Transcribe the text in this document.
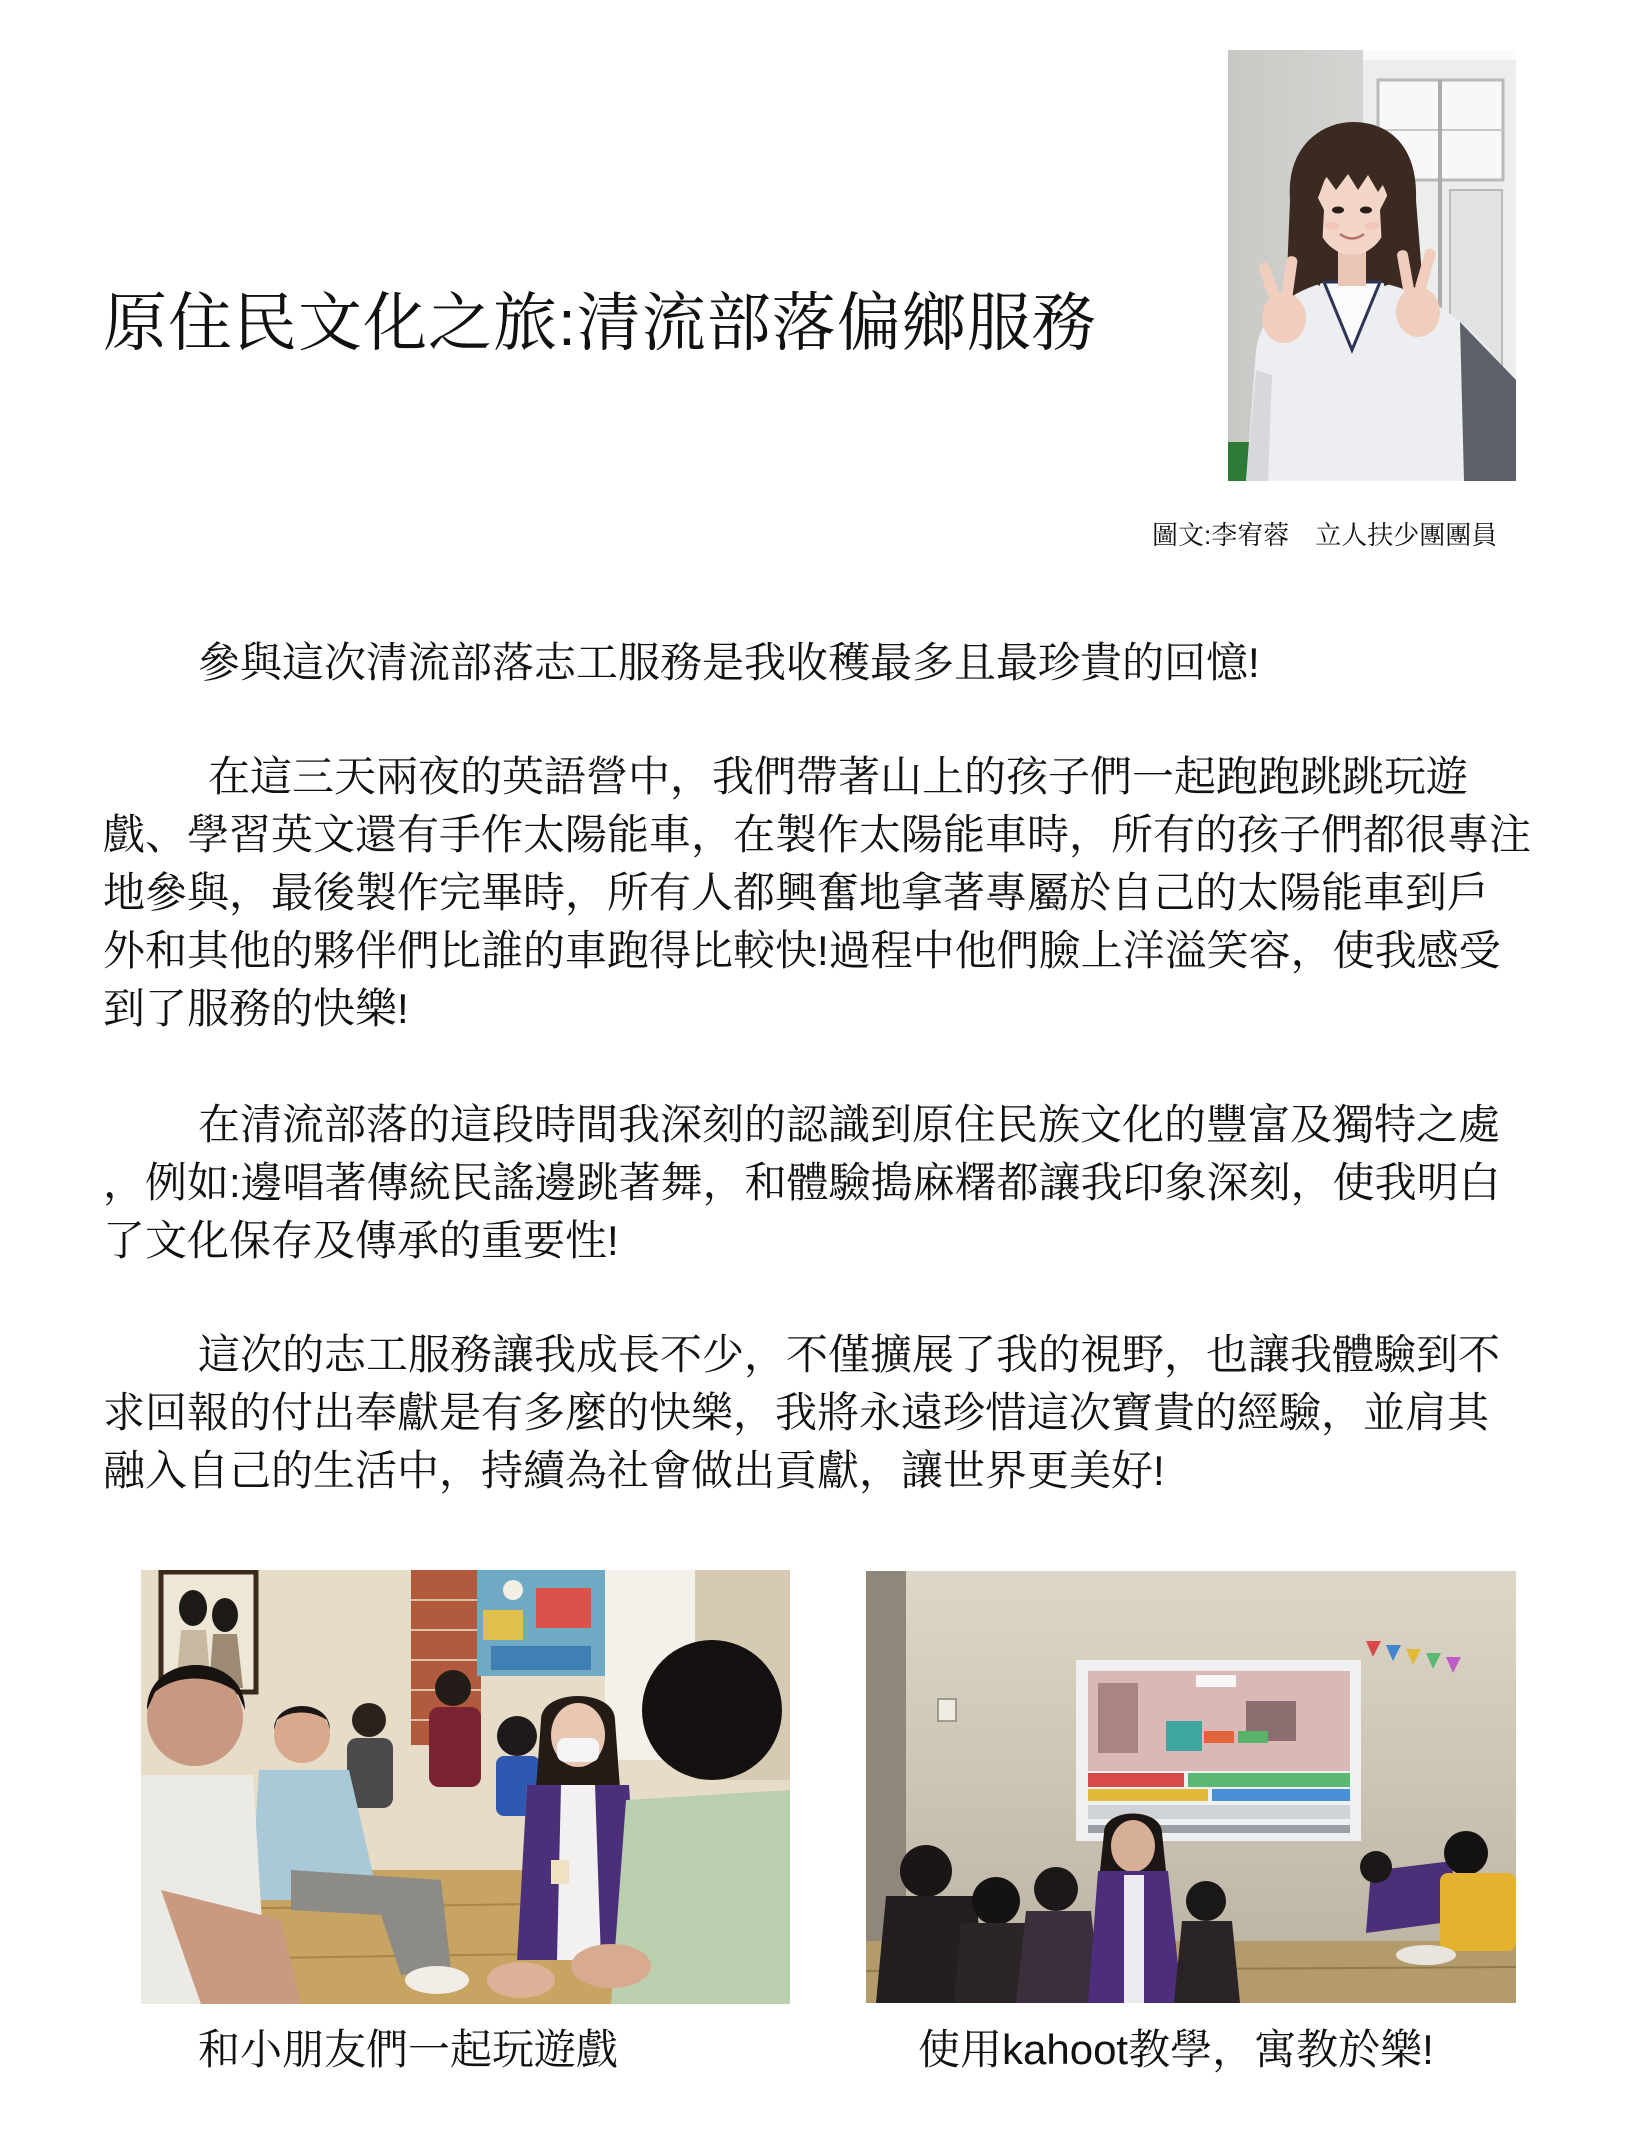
原住民文化之旅:清流部落偏鄉服務
圖文:李宥蓉　立人扶少團團員
參與這次清流部落志工服務是我收穫最多且最珍貴的回憶!
在這三天兩夜的英語營中，我們帶著山上的孩子們一起跑跑跳跳玩遊
戲、學習英文還有手作太陽能車，在製作太陽能車時，所有的孩子們都很專注
地參與，最後製作完畢時，所有人都興奮地拿著專屬於自己的太陽能車到戶
外和其他的夥伴們比誰的車跑得比較快!過程中他們臉上洋溢笑容，使我感受
到了服務的快樂!
在清流部落的這段時間我深刻的認識到原住民族文化的豐富及獨特之處
，例如:邊唱著傳統民謠邊跳著舞，和體驗搗麻糬都讓我印象深刻，使我明白
了文化保存及傳承的重要性!
這次的志工服務讓我成長不少，不僅擴展了我的視野，也讓我體驗到不
求回報的付出奉獻是有多麼的快樂，我將永遠珍惜這次寶貴的經驗，並肩其
融入自己的生活中，持續為社會做出貢獻，讓世界更美好!
和小朋友們一起玩遊戲	使用kahoot教學，寓教於樂!
